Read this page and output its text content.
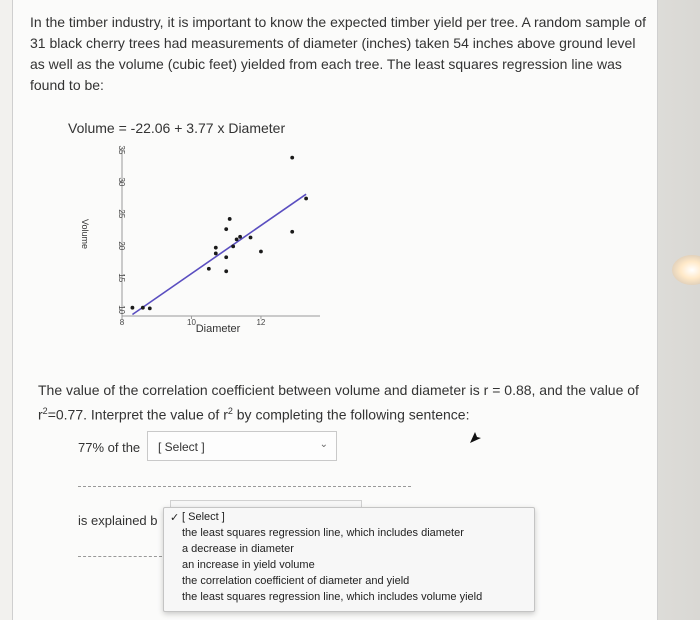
In the timber industry, it is important to know the expected timber yield per tree. A random sample of 31 black cherry trees had measurements of diameter (inches) taken 54 inches above ground level as well as the volume (cubic feet) yielded from each tree. The least squares regression line was found to be:
Volume = -22.06 + 3.77 x Diameter
10
15
20
25
30
35
8	10	12
Diameter
Volume
The value of the correlation coefficient between volume and diameter is r = 0.88, and the value of
$r^2=0.77$. Interpret the value of $r^2$ by completing the following sentence:
77% of the [ Select ]	⌄
is explained b ✓ [ Select ]
the least squares regression line, which includes diameter
a decrease in diameter
an increase in yield volume
the correlation coefficient of diameter and yield
the least squares regression line, which includes volume yield
